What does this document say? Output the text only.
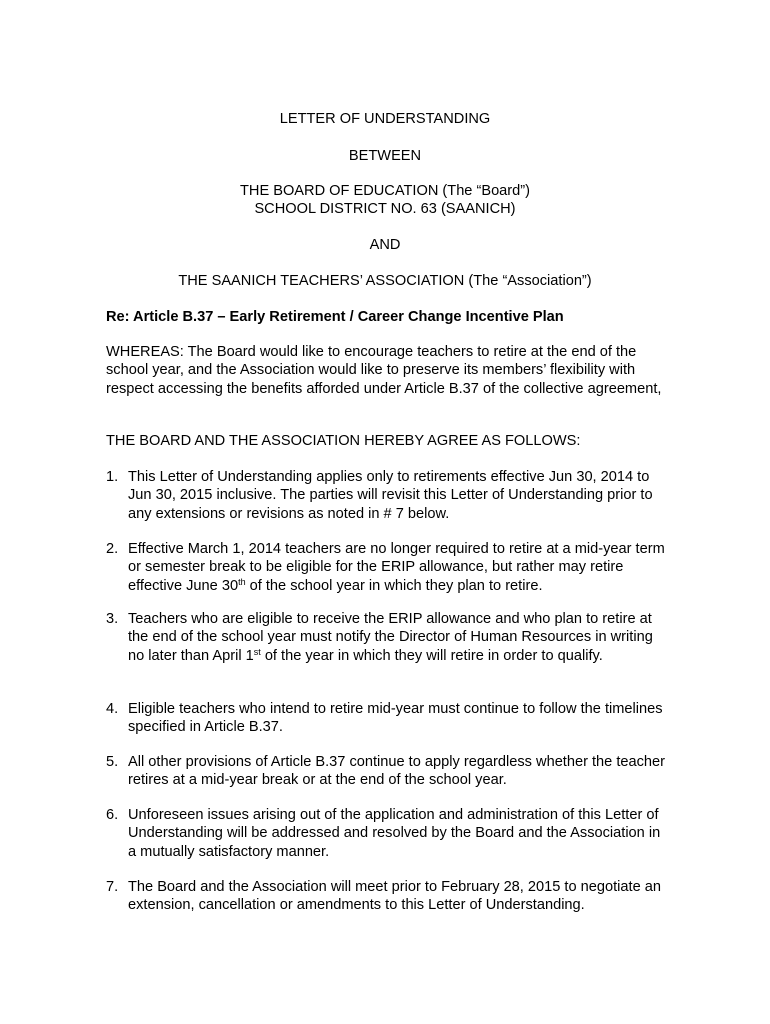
LETTER OF UNDERSTANDING
BETWEEN
THE BOARD OF EDUCATION (The “Board”)
SCHOOL DISTRICT NO. 63 (SAANICH)
AND
THE SAANICH TEACHERS’ ASSOCIATION (The “Association”)
Re: Article B.37 – Early Retirement / Career Change Incentive Plan
WHEREAS: The Board would like to encourage teachers to retire at the end of the school year, and the Association would like to preserve its members’ flexibility with respect accessing the benefits afforded under Article B.37 of the collective agreement,
THE BOARD AND THE ASSOCIATION HEREBY AGREE AS FOLLOWS:
1. This Letter of Understanding applies only to retirements effective Jun 30, 2014 to Jun 30, 2015 inclusive. The parties will revisit this Letter of Understanding prior to any extensions or revisions as noted in # 7 below.
2. Effective March 1, 2014 teachers are no longer required to retire at a mid-year term or semester break to be eligible for the ERIP allowance, but rather may retire effective June 30th of the school year in which they plan to retire.
3. Teachers who are eligible to receive the ERIP allowance and who plan to retire at the end of the school year must notify the Director of Human Resources in writing no later than April 1st of the year in which they will retire in order to qualify.
4. Eligible teachers who intend to retire mid-year must continue to follow the timelines specified in Article B.37.
5. All other provisions of Article B.37 continue to apply regardless whether the teacher retires at a mid-year break or at the end of the school year.
6. Unforeseen issues arising out of the application and administration of this Letter of Understanding will be addressed and resolved by the Board and the Association in a mutually satisfactory manner.
7. The Board and the Association will meet prior to February 28, 2015 to negotiate an extension, cancellation or amendments to this Letter of Understanding.
